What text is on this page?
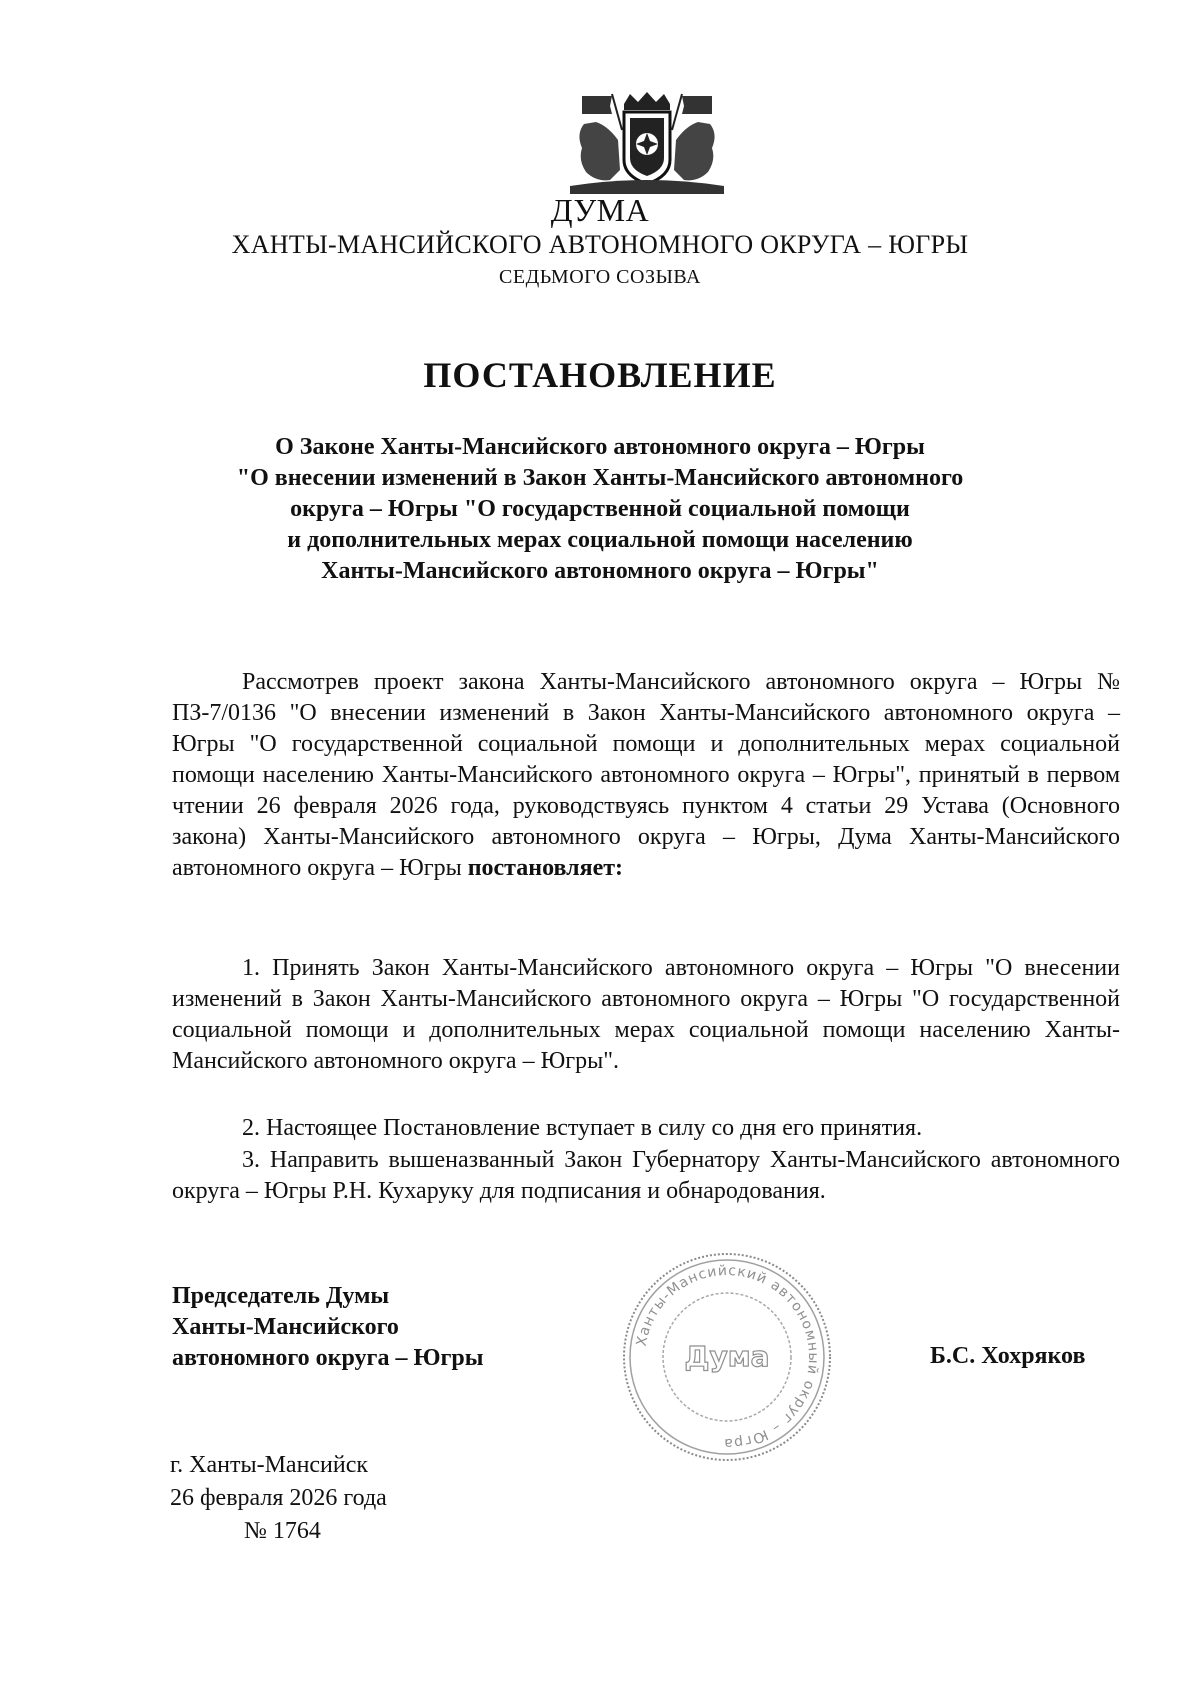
ДУМА
ХАНТЫ-МАНСИЙСКОГО АВТОНОМНОГО ОКРУГА – ЮГРЫ
СЕДЬМОГО СОЗЫВА
ПОСТАНОВЛЕНИЕ
О Законе Ханты-Мансийского автономного округа – Югры
"О внесении изменений в Закон Ханты-Мансийского автономного
округа – Югры "О государственной социальной помощи
и дополнительных мерах социальной помощи населению
Ханты-Мансийского автономного округа – Югры"

Рассмотрев проект закона Ханты-Мансийского автономного округа – Югры № ПЗ-7/0136 "О внесении изменений в Закон Ханты-Мансийского автономного округа – Югры "О государственной социальной помощи и дополнительных мерах социальной помощи населению Ханты-Мансийского автономного округа – Югры", принятый в первом чтении 26 февраля 2026 года, руководствуясь пунктом 4 статьи 29 Устава (Основного закона) Ханты-Мансийского автономного округа – Югры, Дума Ханты-Мансийского автономного округа – Югры постановляет:

1. Принять Закон Ханты-Мансийского автономного округа – Югры "О внесении изменений в Закон Ханты-Мансийского автономного округа – Югры "О государственной социальной помощи и дополнительных мерах социальной помощи населению Ханты-Мансийского автономного округа – Югры".

2. Настоящее Постановление вступает в силу со дня его принятия.

3. Направить вышеназванный Закон Губернатору Ханты-Мансийского автономного округа – Югры Р.Н. Кухаруку для подписания и обнародования.

Председатель Думы
Ханты-Мансийского
автономного округа – Югры	Б.С. Хохряков
Ханты-Мансийский автономный округ – Югра
Дума
г. Ханты-Мансийск
26 февраля 2026 года
№ 1764
